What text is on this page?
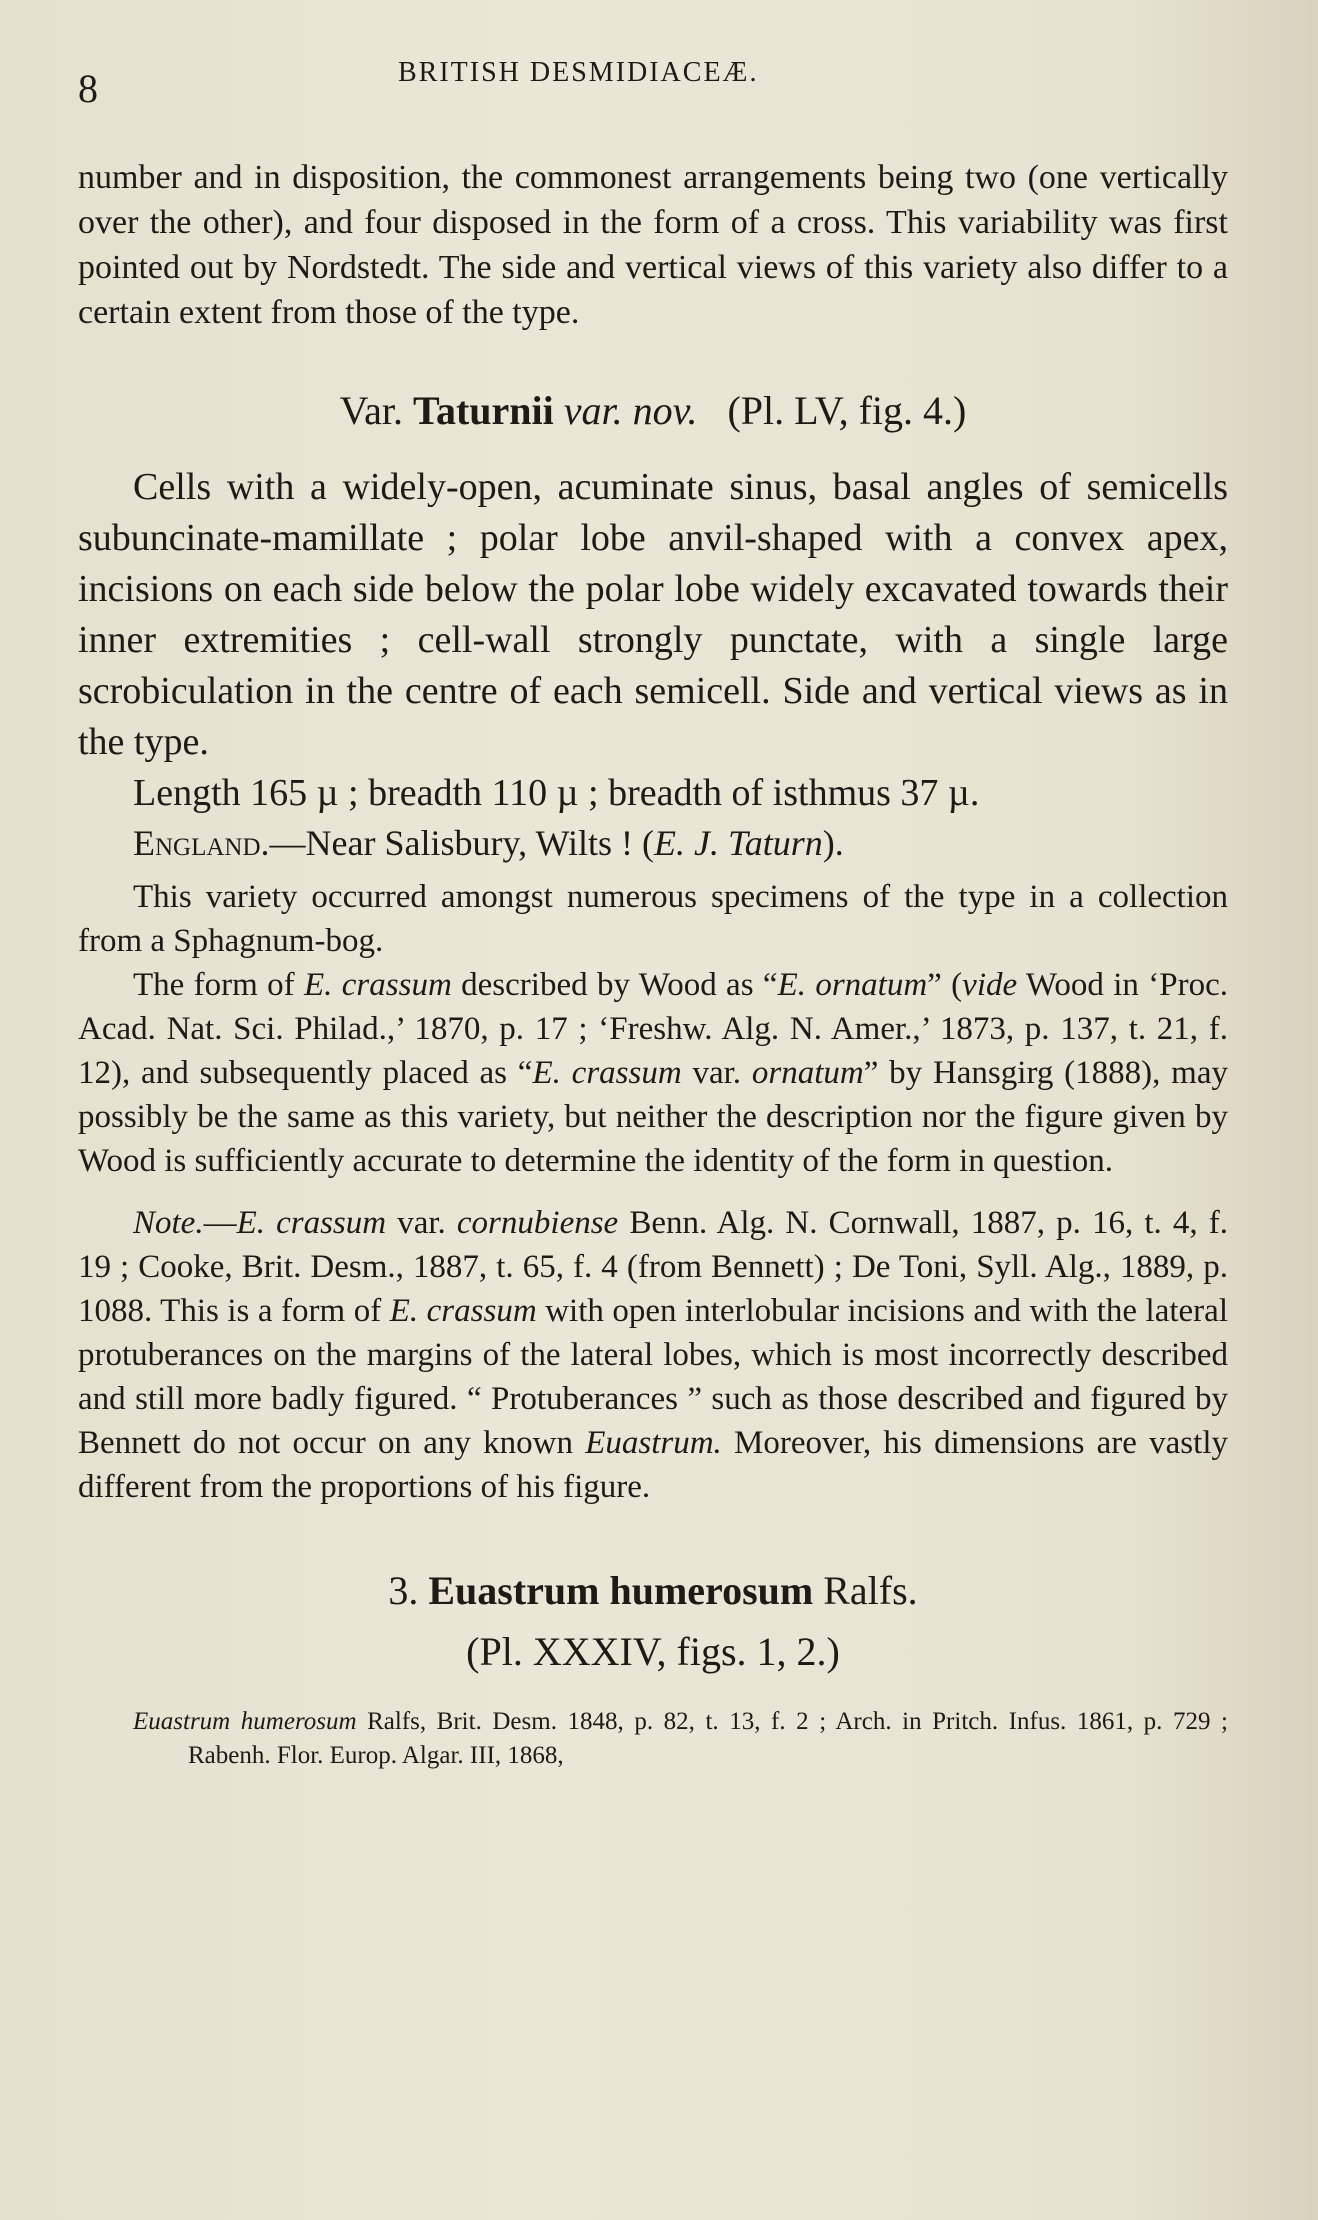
8	BRITISH DESMIDIACEÆ.

number and in disposition, the commonest arrangements being two (one vertically over the other), and four disposed in the form of a cross. This variability was first pointed out by Nordstedt. The side and vertical views of this variety also differ to a certain extent from those of the type.

Var. Taturnii var. nov. (Pl. LV, fig. 4.)

Cells with a widely-open, acuminate sinus, basal angles of semicells subuncinate-mamillate ; polar lobe anvil-shaped with a convex apex, incisions on each side below the polar lobe widely excavated towards their inner extremities ; cell-wall strongly punctate, with a single large scrobiculation in the centre of each semicell. Side and vertical views as in the type.

Length 165 µ ; breadth 110 µ ; breadth of isthmus 37 µ.

England.—Near Salisbury, Wilts ! (E. J. Taturn).

This variety occurred amongst numerous specimens of the type in a collection from a Sphagnum-bog.

The form of E. crassum described by Wood as “E. ornatum” (vide Wood in ‘Proc. Acad. Nat. Sci. Philad.,’ 1870, p. 17 ; ‘Freshw. Alg. N. Amer.,’ 1873, p. 137, t. 21, f. 12), and subsequently placed as “E. crassum var. ornatum” by Hansgirg (1888), may possibly be the same as this variety, but neither the description nor the figure given by Wood is sufficiently accurate to determine the identity of the form in question.

Note.—E. crassum var. cornubiense Benn. Alg. N. Cornwall, 1887, p. 16, t. 4, f. 19 ; Cooke, Brit. Desm., 1887, t. 65, f. 4 (from Bennett) ; De Toni, Syll. Alg., 1889, p. 1088. This is a form of E. crassum with open interlobular incisions and with the lateral protuberances on the margins of the lateral lobes, which is most incorrectly described and still more badly figured. “ Protuberances ” such as those described and figured by Bennett do not occur on any known Euastrum. Moreover, his dimensions are vastly different from the proportions of his figure.

3. Euastrum humerosum Ralfs.

(Pl. XXXIV, figs. 1, 2.)

Euastrum humerosum Ralfs, Brit. Desm. 1848, p. 82, t. 13, f. 2 ; Arch. in Pritch. Infus. 1861, p. 729 ; Rabenh. Flor. Europ. Algar. III, 1868,
